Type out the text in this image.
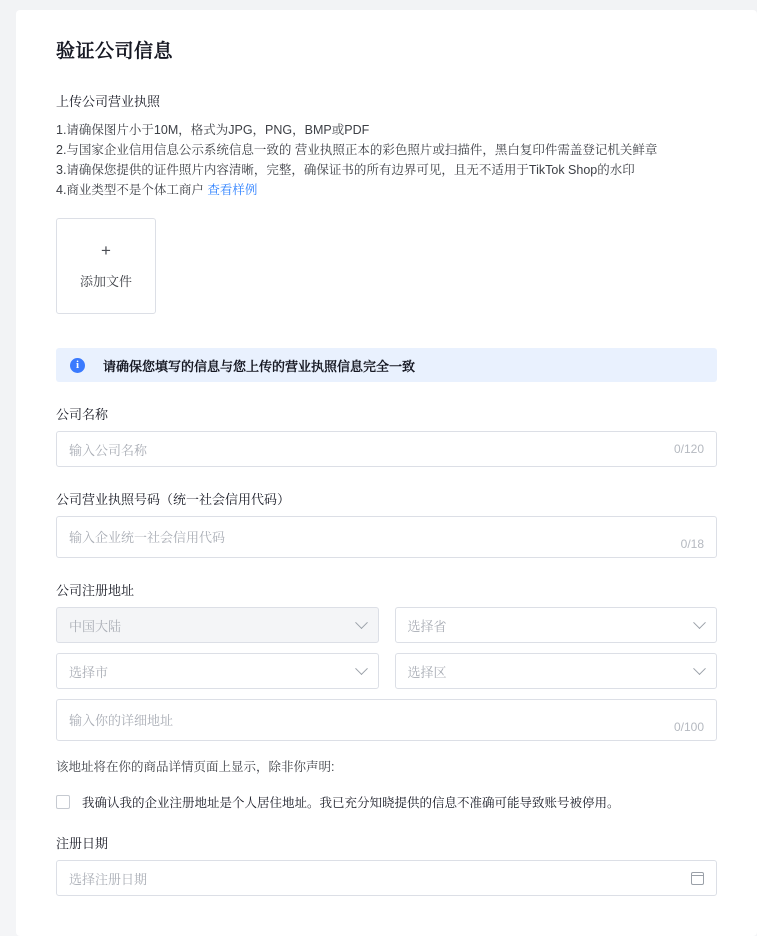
验证公司信息
上传公司营业执照
1.请确保图片小于10M，格式为JPG，PNG，BMP或PDF
2.与国家企业信用信息公示系统信息一致的 营业执照正本的彩色照片或扫描件，黑白复印件需盖登记机关鲜章
3.请确保您提供的证件照片内容清晰，完整，确保证书的所有边界可见，且无不适用于TikTok Shop的水印
4.商业类型不是个体工商户 查看样例
+
添加文件
i	请确保您填写的信息与您上传的营业执照信息完全一致
公司名称
输入公司名称	0/120
公司营业执照号码（统一社会信用代码）
输入企业统一社会信用代码	0/18
公司注册地址
中国大陆	选择省
选择市	选择区
输入你的详细地址	0/100
该地址将在你的商品详情页面上显示，除非你声明:
我确认我的企业注册地址是个人居住地址。我已充分知晓提供的信息不准确可能导致账号被停用。
注册日期
选择注册日期
